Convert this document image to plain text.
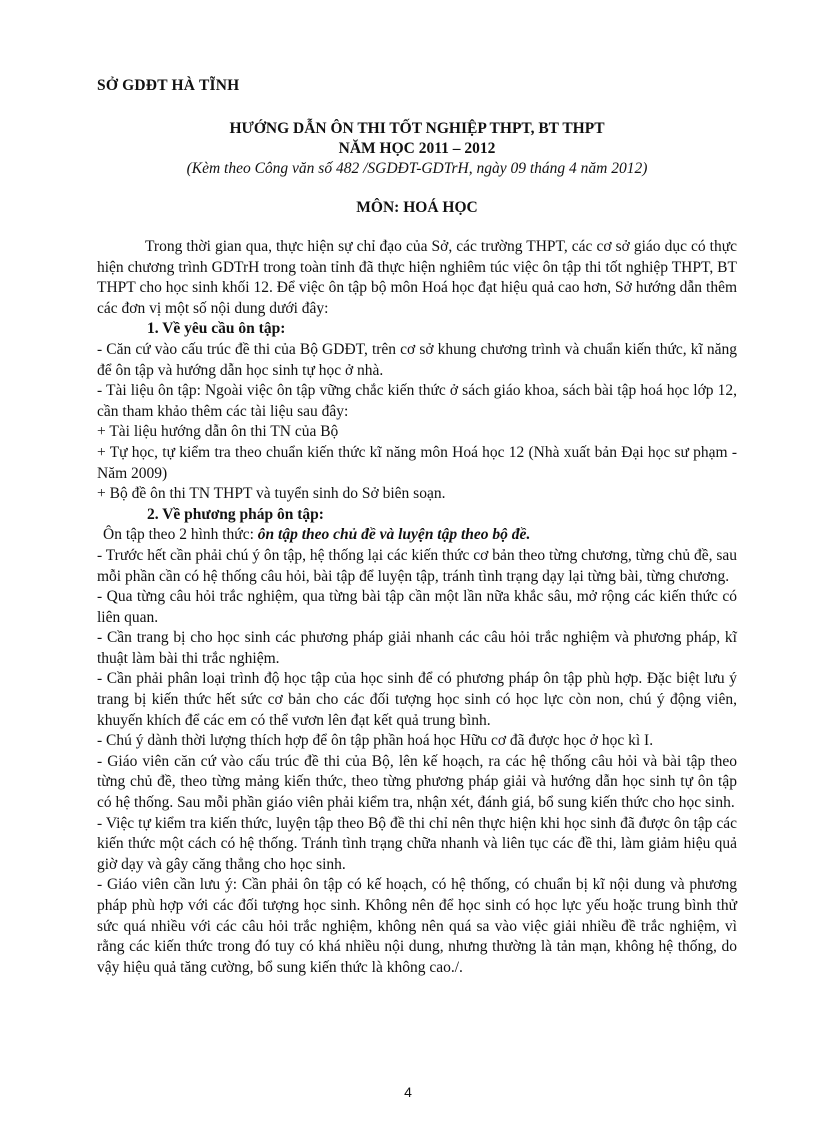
SỞ GDĐT HÀ TĨNH
HƯỚNG DẪN ÔN THI TỐT NGHIỆP THPT, BT THPT
NĂM HỌC 2011 – 2012
(Kèm theo Công văn số 482 /SGDĐT-GDTrH, ngày 09 tháng 4 năm 2012)
MÔN: HOÁ HỌC

Trong thời gian qua, thực hiện sự chỉ đạo của Sở, các trường THPT, các cơ sở giáo dục có thực hiện chương trình GDTrH trong toàn tỉnh đã thực hiện nghiêm túc việc ôn tập thi tốt nghiệp THPT, BT THPT cho học sinh khối 12. Để việc ôn tập bộ môn Hoá học đạt hiệu quả cao hơn, Sở hướng dẫn thêm các đơn vị một số nội dung dưới đây:

1. Về yêu cầu ôn tập:

- Căn cứ vào cấu trúc đề thi của Bộ GDĐT, trên cơ sở khung chương trình và chuẩn kiến thức, kĩ năng để ôn tập và hướng dẫn học sinh tự học ở nhà.

- Tài liệu ôn tập: Ngoài việc ôn tập vững chắc kiến thức ở sách giáo khoa, sách bài tập hoá học lớp 12, cần tham khảo thêm các tài liệu sau đây:

+ Tài liệu hướng dẫn ôn thi TN của Bộ

+ Tự học, tự kiểm tra theo chuẩn kiến thức kĩ năng môn Hoá học 12 (Nhà xuất bản Đại học sư phạm - Năm 2009)

+ Bộ đề ôn thi TN THPT và tuyển sinh do Sở biên soạn.

2. Về phương pháp ôn tập:

Ôn tập theo 2 hình thức: ôn tập theo chủ đề và luyện tập theo bộ đề.

- Trước hết cần phải chú ý ôn tập, hệ thống lại các kiến thức cơ bản theo từng chương, từng chủ đề, sau mỗi phần cần có hệ thống câu hỏi, bài tập để luyện tập, tránh tình trạng dạy lại từng bài, từng chương.

- Qua từng câu hỏi trắc nghiệm, qua từng bài tập cần một lần nữa khắc sâu, mở rộng các kiến thức có liên quan.

- Cần trang bị cho học sinh các phương pháp giải nhanh các câu hỏi trắc nghiệm và phương pháp, kĩ thuật làm bài thi trắc nghiệm.

- Cần phải phân loại trình độ học tập của học sinh để có phương pháp ôn tập phù hợp. Đặc biệt lưu ý trang bị kiến thức hết sức cơ bản cho các đối tượng học sinh có học lực còn non, chú ý động viên, khuyến khích để các em có thể vươn lên đạt kết quả trung bình.

- Chú ý dành thời lượng thích hợp để ôn tập phần hoá học Hữu cơ đã được học ở học kì I.

- Giáo viên căn cứ vào cấu trúc đề thi của Bộ, lên kế hoạch, ra các hệ thống câu hỏi và bài tập theo từng chủ đề, theo từng mảng kiến thức, theo từng phương pháp giải và hướng dẫn học sinh tự ôn tập có hệ thống. Sau mỗi phần giáo viên phải kiểm tra, nhận xét, đánh giá, bổ sung kiến thức cho học sinh.

- Việc tự kiểm tra kiến thức, luyện tập theo Bộ đề thi chỉ nên thực hiện khi học sinh đã được ôn tập các kiến thức một cách có hệ thống. Tránh tình trạng chữa nhanh và liên tục các đề thi, làm giảm hiệu quả giờ dạy và gây căng thẳng cho học sinh.

- Giáo viên cần lưu ý: Cần phải ôn tập có kế hoạch, có hệ thống, có chuẩn bị kĩ nội dung và phương pháp phù hợp với các đối tượng học sinh. Không nên để học sinh có học lực yếu hoặc trung bình thử sức quá nhiều với các câu hỏi trắc nghiệm, không nên quá sa vào việc giải nhiều đề trắc nghiệm, vì rằng các kiến thức trong đó tuy có khá nhiều nội dung, nhưng thường là tản mạn, không hệ thống, do vậy hiệu quả tăng cường, bổ sung kiến thức là không cao./.

4
